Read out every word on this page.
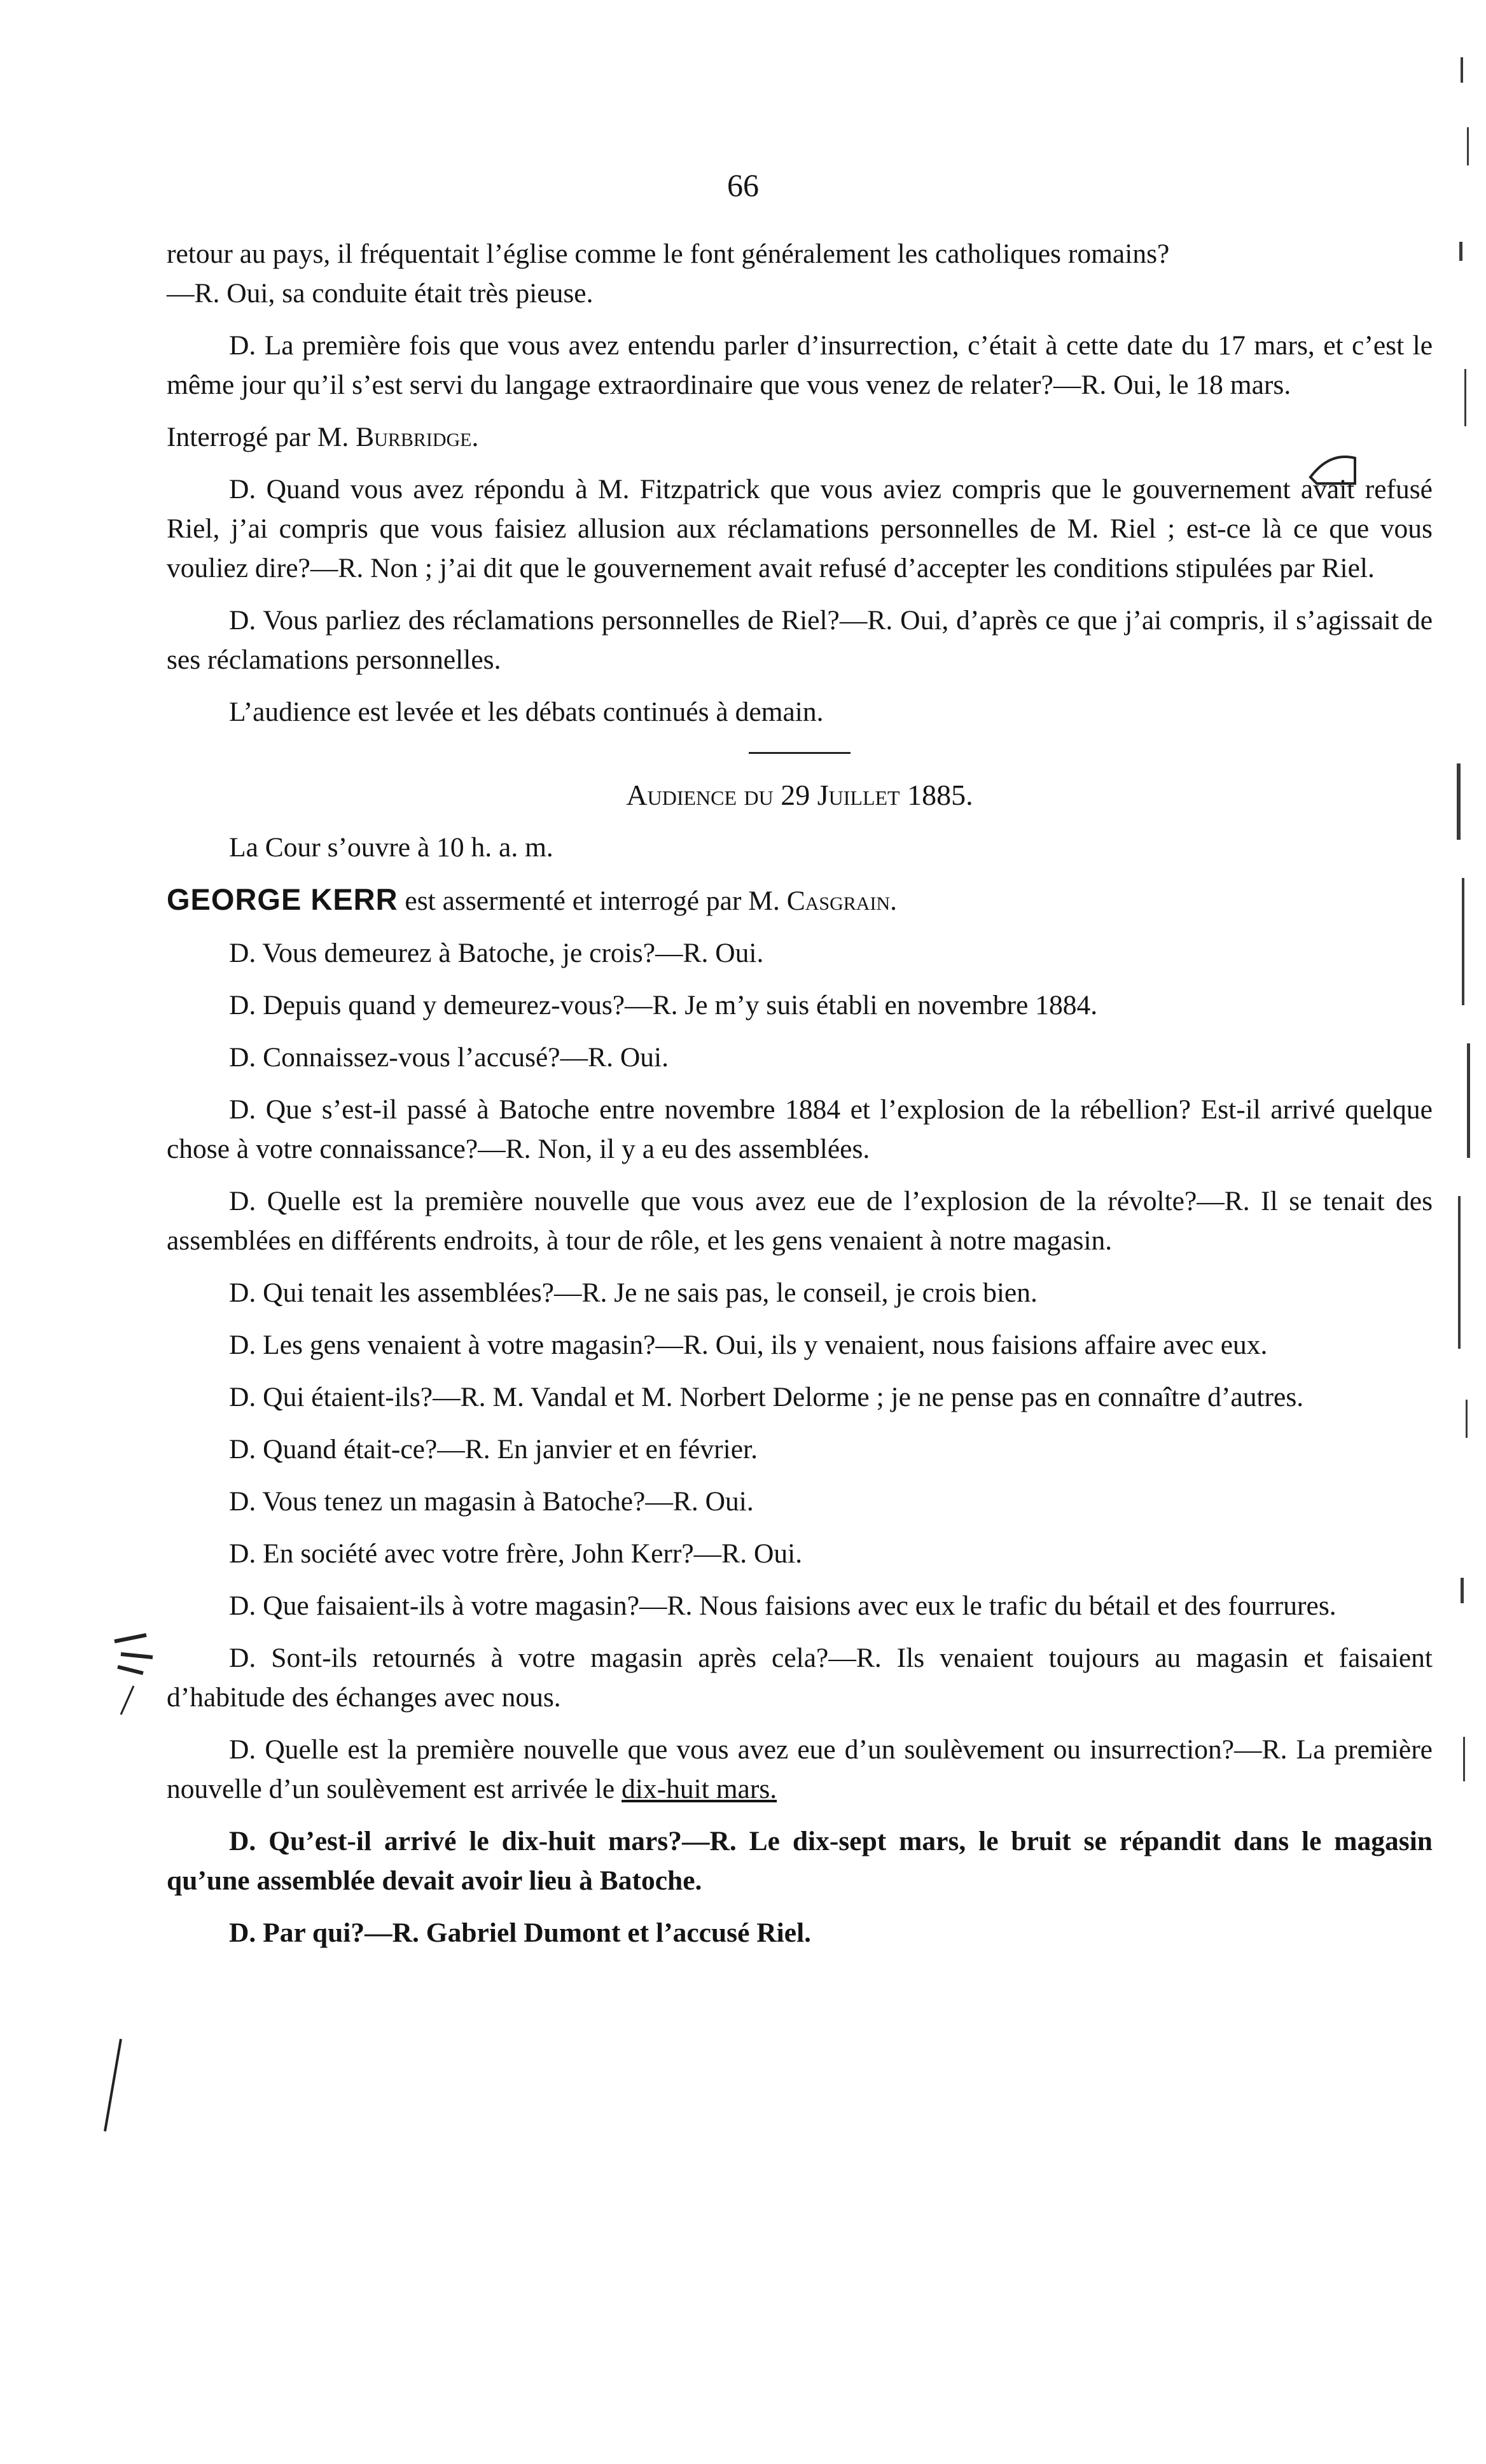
66

retour au pays, il fréquentait l’église comme le font généralement les catholiques romains?

—R. Oui, sa conduite était très pieuse.

D. La première fois que vous avez entendu parler d’insurrection, c’était à cette date du 17 mars, et c’est le même jour qu’il s’est servi du langage extraordinaire que vous venez de relater?—R. Oui, le 18 mars.

Interrogé par M. Burbridge.

D. Quand vous avez répondu à M. Fitzpatrick que vous aviez compris que le gouvernement avait refusé Riel, j’ai compris que vous faisiez allusion aux réclamations personnelles de M. Riel ; est-ce là ce que vous vouliez dire?—R. Non ; j’ai dit que le gouvernement avait refusé d’accepter les conditions stipulées par Riel.

D. Vous parliez des réclamations personnelles de Riel?—R. Oui, d’après ce que j’ai compris, il s’agissait de ses réclamations personnelles.

L’audience est levée et les débats continués à demain.

Audience du 29 Juillet 1885.

La Cour s’ouvre à 10 h. a. m.

GEORGE KERR est assermenté et interrogé par M. Casgrain.

D. Vous demeurez à Batoche, je crois?—R. Oui.

D. Depuis quand y demeurez-vous?—R. Je m’y suis établi en novembre 1884.

D. Connaissez-vous l’accusé?—R. Oui.

D. Que s’est-il passé à Batoche entre novembre 1884 et l’explosion de la rébellion? Est-il arrivé quelque chose à votre connaissance?—R. Non, il y a eu des assemblées.

D. Quelle est la première nouvelle que vous avez eue de l’explosion de la révolte?—R. Il se tenait des assemblées en différents endroits, à tour de rôle, et les gens venaient à notre magasin.

D. Qui tenait les assemblées?—R. Je ne sais pas, le conseil, je crois bien.

D. Les gens venaient à votre magasin?—R. Oui, ils y venaient, nous faisions affaire avec eux.

D. Qui étaient-ils?—R. M. Vandal et M. Norbert Delorme ; je ne pense pas en connaître d’autres.

D. Quand était-ce?—R. En janvier et en février.

D. Vous tenez un magasin à Batoche?—R. Oui.

D. En société avec votre frère, John Kerr?—R. Oui.

D. Que faisaient-ils à votre magasin?—R. Nous faisions avec eux le trafic du bétail et des fourrures.

D. Sont-ils retournés à votre magasin après cela?—R. Ils venaient toujours au magasin et faisaient d’habitude des échanges avec nous.

D. Quelle est la première nouvelle que vous avez eue d’un soulèvement ou insurrection?—R. La première nouvelle d’un soulèvement est arrivée le dix-huit mars.

D. Qu’est-il arrivé le dix-huit mars?—R. Le dix-sept mars, le bruit se répandit dans le magasin qu’une assemblée devait avoir lieu à Batoche.

D. Par qui?—R. Gabriel Dumont et l’accusé Riel.
